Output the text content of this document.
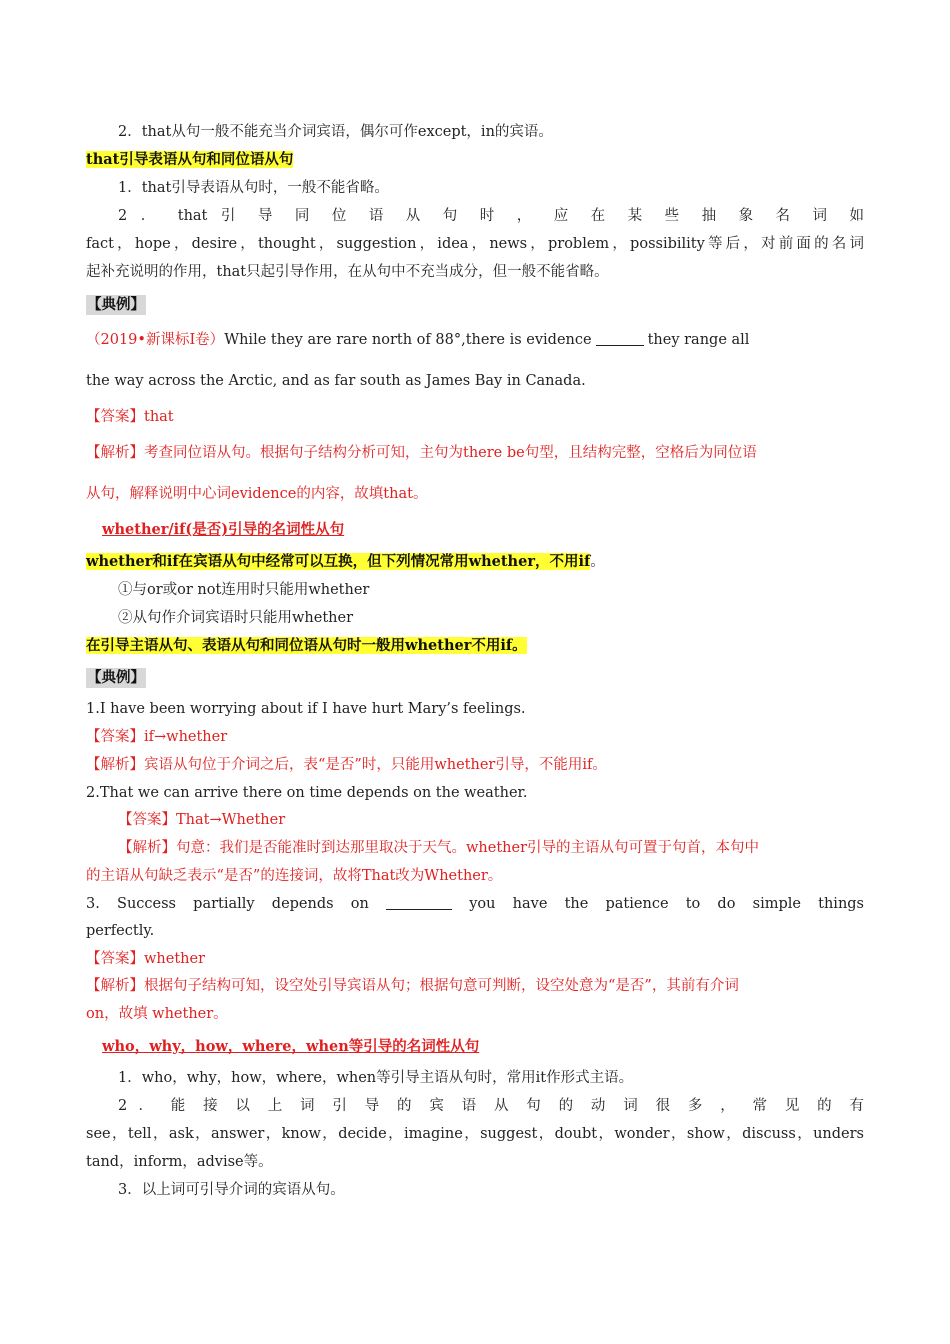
2．that从句一般不能充当介词宾语，偶尔可作except，in的宾语。
that引导表语从句和同位语从句
1．that引导表语从句时，一般不能省略。
2 ． that 引 导 同 位 语 从 句 时 ， 应 在 某 些 抽 象 名 词 如
fact，hope，desire，thought，suggestion，idea，news，problem，possibility等后，对前面的名词
起补充说明的作用，that只起引导作用，在从句中不充当成分，但一般不能省略。
【典例】
（2019•新课标Ⅰ卷）While they are rare north of 88°,there is evidence	they range all
the way across the Arctic, and as far south as James Bay in Canada.
【答案】that
【解析】考查同位语从句。根据句子结构分析可知，主句为there be句型，且结构完整，空格后为同位语
从句，解释说明中心词evidence的内容，故填that。
whether/if(是否)引导的名词性从句
whether和if在宾语从句中经常可以互换，但下列情况常用whether，不用if。
①与or或or not连用时只能用whether
②从句作介词宾语时只能用whether
在引导主语从句、表语从句和同位语从句时一般用whether不用if。
【典例】
1.I have been worrying about if I have hurt Mary’s feelings.
【答案】if→whether
【解析】宾语从句位于介词之后，表“是否”时，只能用whether引导，不能用if。
2.That we can arrive there on time depends on the weather.
【答案】That→Whether
【解析】句意：我们是否能准时到达那里取决于天气。whether引导的主语从句可置于句首，本句中
的主语从句缺乏表示“是否”的连接词，故将That改为Whether。
3. Success partially depends on	you have the patience to do simple things
perfectly.
【答案】whether
【解析】根据句子结构可知，设空处引导宾语从句；根据句意可判断，设空处意为“是否”，其前有介词
on，故填 whether。
who，why，how，where，when等引导的名词性从句
1．who，why，how，where，when等引导主语从句时，常用it作形式主语。
2 ． 能 接 以 上 词 引 导 的 宾 语 从 句 的 动 词 很 多 ， 常 见 的 有
see，tell，ask，answer，know，decide，imagine，suggest，doubt，wonder，show，discuss，unders
tand，inform，advise等。
3．以上词可引导介词的宾语从句。
